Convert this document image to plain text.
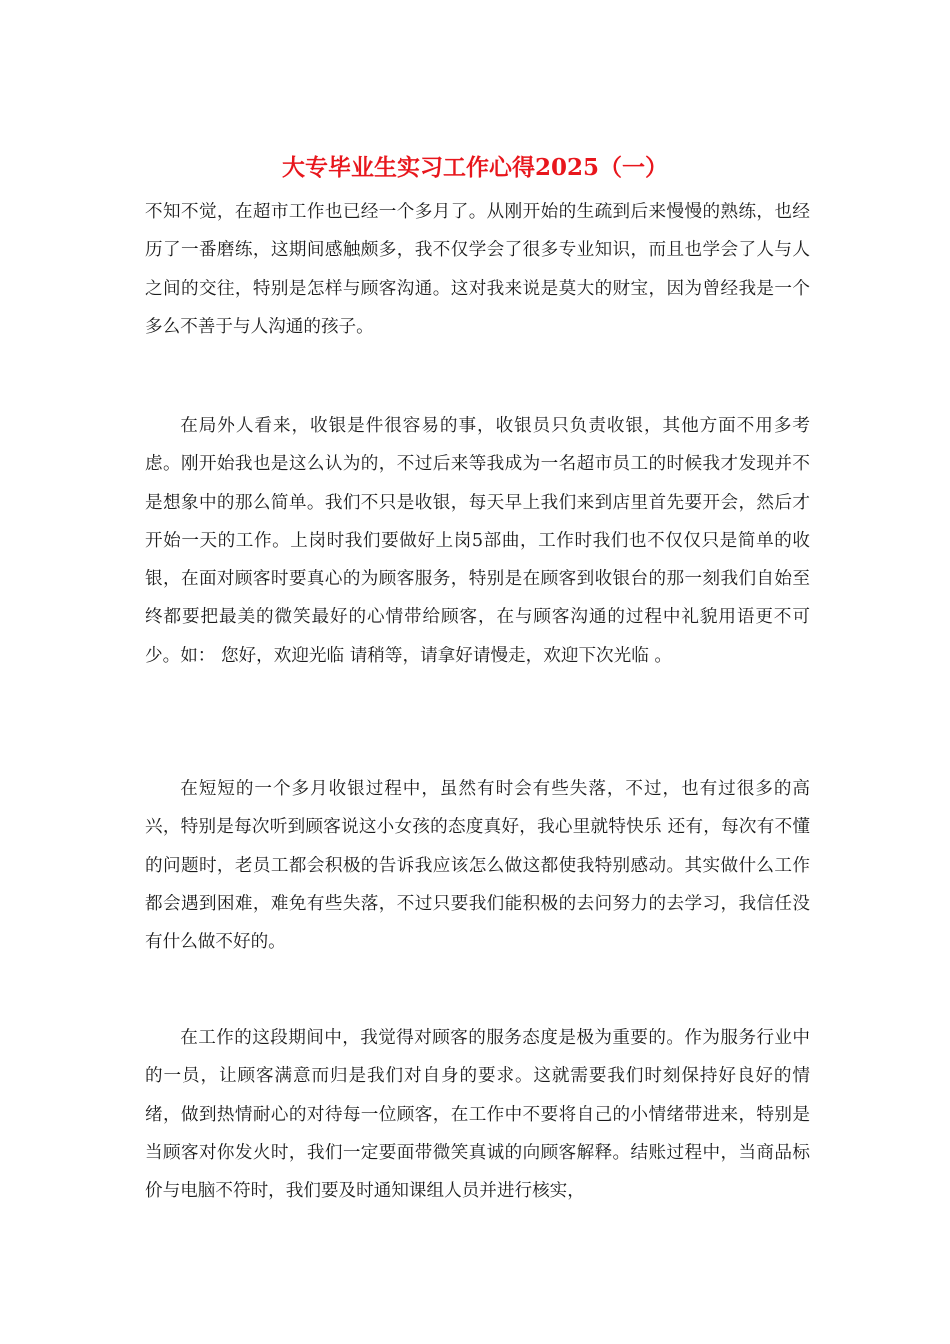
大专毕业生实习工作心得2025（一）

不知不觉，在超市工作也已经一个多月了。从刚开始的生疏到后来慢慢的熟练，也经历了一番磨练，这期间感触颇多，我不仅学会了很多专业知识，而且也学会了人与人之间的交往，特别是怎样与顾客沟通。这对我来说是莫大的财宝，因为曾经我是一个多么不善于与人沟通的孩子。

在局外人看来，收银是件很容易的事，收银员只负责收银，其他方面不用多考虑。刚开始我也是这么认为的，不过后来等我成为一名超市员工的时候我才发现并不是想象中的那么简单。我们不只是收银，每天早上我们来到店里首先要开会，然后才开始一天的工作。上岗时我们要做好上岗5部曲，工作时我们也不仅仅只是简单的收银，在面对顾客时要真心的为顾客服务，特别是在顾客到收银台的那一刻我们自始至终都要把最美的微笑最好的心情带给顾客，在与顾客沟通的过程中礼貌用语更不可少。如： 您好，欢迎光临 请稍等，请拿好请慢走，欢迎下次光临 。

在短短的一个多月收银过程中，虽然有时会有些失落，不过，也有过很多的高兴，特别是每次听到顾客说这小女孩的态度真好，我心里就特快乐 还有，每次有不懂的问题时，老员工都会积极的告诉我应该怎么做这都使我特别感动。其实做什么工作都会遇到困难，难免有些失落，不过只要我们能积极的去问努力的去学习，我信任没有什么做不好的。

在工作的这段期间中，我觉得对顾客的服务态度是极为重要的。作为服务行业中的一员，让顾客满意而归是我们对自身的要求。这就需要我们时刻保持好良好的情绪，做到热情耐心的对待每一位顾客，在工作中不要将自己的小情绪带进来，特别是当顾客对你发火时，我们一定要面带微笑真诚的向顾客解释。结账过程中，当商品标价与电脑不符时，我们要及时通知课组人员并进行核实，
